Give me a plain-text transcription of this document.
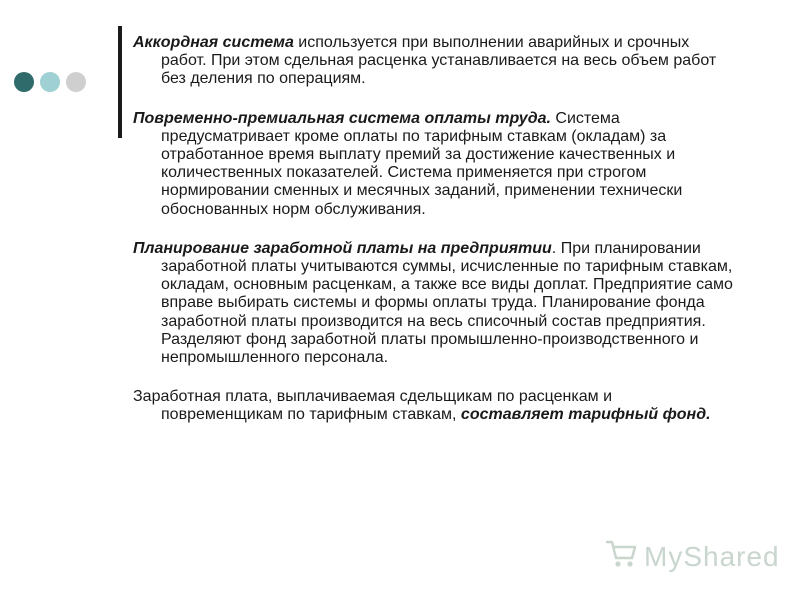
Аккордная система используется при выполнении аварийных и срочных работ. При этом сдельная расценка устанавливается на весь объем работ без деления по операциям.

Повременно-премиальная система оплаты труда. Система предусматривает кроме оплаты по тарифным ставкам (окладам) за отработанное время выплату премий за достижение качественных и количественных показателей. Система применяется при строгом нормировании сменных и месячных заданий, применении технически обоснованных норм обслуживания.

Планирование заработной платы на предприятии. При планировании заработной платы учитываются суммы, исчисленные по тарифным ставкам, окладам, основным расценкам, а также все виды доплат. Предприятие само вправе выбирать системы и формы оплаты труда. Планирование фонда заработной платы производится на весь списочный состав предприятия. Разделяют фонд заработной платы промышленно-производственного и непромышленного персонала.

Заработная плата, выплачиваемая сдельщикам по расценкам и повременщикам по тарифным ставкам, составляет тарифный фонд.

MyShared
